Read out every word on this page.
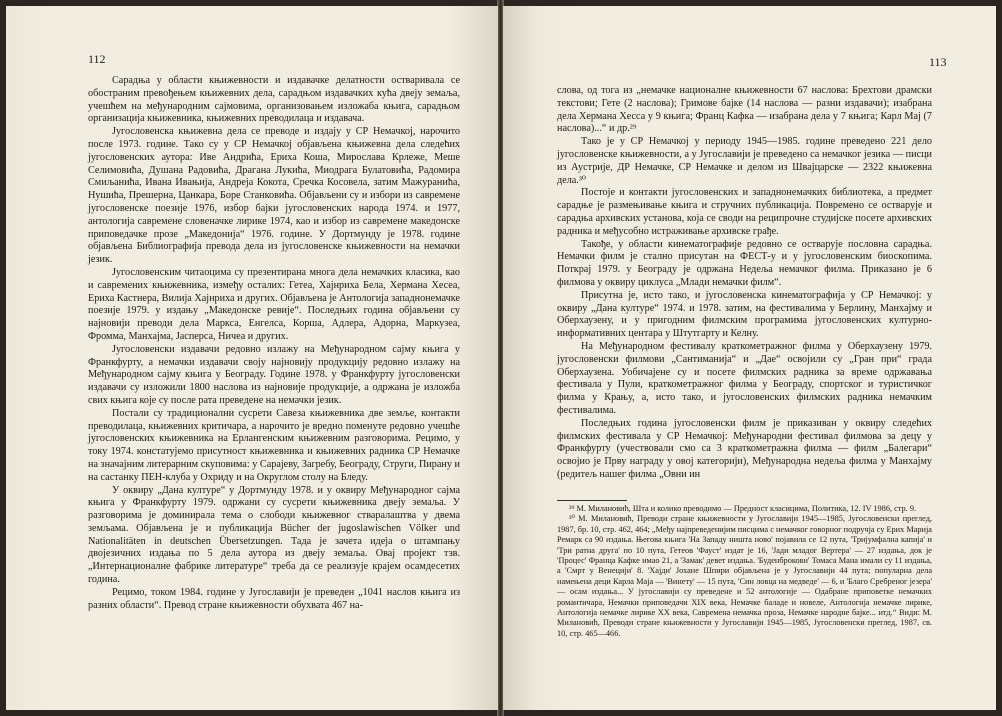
112

Сарадња у области књижевности и издавачке делатности остваривала се обостраним превођењем књижевних дела, сарадњом издавачких кућа двеју земаља, учешћем на међународним сајмовима, организовањем изложаба књига, сарадњом организација књижевника, књижевних преводилаца и издавача.

Југословенска књижевна дела се преводе и издају у СР Немачкој, нарочито после 1973. године. Тако су у СР Немачкој објављена књижевна дела следећих југословенских аутора: Иве Андрића, Ериха Коша, Мирослава Крлеже, Меше Селимовића, Душана Радовића, Драгана Лукића, Миодрага Булатовића, Радомира Смиљанића, Ивана Ивањија, Андреја Кокота, Сречка Косовела, затим Мажуранића, Нушића, Прешерна, Цанкара, Боре Станковића. Објављени су и избори из савремене југословенске поезије 1976, избор бајки југословенских народа 1974. и 1977, антологија савремене словеначке лирике 1974, као и избор из савремене македонске приповедачке прозе „Македонија“ 1976. године. У Дортмунду је 1978. године објављена Библиографија превода дела из југословенске књижевности на немачки језик.

Југословенским читаоцима су презентирана многа дела немачких класика, као и савремених књижевника, између осталих: Гетеа, Хајнриха Бела, Хермана Хесеа, Ериха Кастнера, Вилија Хајнриха и других. Објављена је Антологија западнонемачке поезије 1979. у издању „Македонске ревије“. Последњих година објављени су најновији преводи дела Маркса, Енгелса, Корша, Адлера, Адорна, Маркузеа, Фромма, Манхајма, Јасперса, Ничеа и других.

Југословенски издавачи редовно излажу на Међународном сајму књига у Франкфурту, а немачки издавачи своју најновију продукцију редовно излажу на Међународном сајму књига у Београду. Године 1978. у Франкфурту југословенски издавачи су изложили 1800 наслова из најновије продукције, а одржана је изложба свих књига које су после рата преведене на немачки језик.

Постали су традиционални сусрети Савеза књижевника две земље, контакти преводилаца, књижевних критичара, а нарочито је вредно поменуте редовно учешће југословенских књижевника на Ерлангенским књижевним разговорима. Рецимо, у току 1974. констатујемо присутност књижевника и књижевних радника СР Немачке на значајним литерарним скуповима: у Сарајеву, Загребу, Београду, Струги, Пирану и на састанку ПЕН-клуба у Охриду и на Округлом столу на Бледу.

У оквиру „Дана културе“ у Дортмунду 1978. и у оквиру Међународног сајма књига у Франкфурту 1979. одржани су сусрети књижевника двеју земаља. У разговорима је доминирала тема о слободи књижевног стваралаштва у двема земљама. Објављена је и публикација Bücher der jugoslawischen Völker und Nationalitäten in deutschen Übersetzungen. Тада је зачета идеја о штампању двојезичних издања по 5 дела аутора из двеју земаља. Овај пројект тзв. „Интернационалне фабрике литературе“ треба да се реализује крајем осамдесетих година.

Рецимо, током 1984. године у Југославији је преведен „1041 наслов књига из разних области“. Превод стране књижевности обухвата 467 на-

113

слова, од тога из „немачке националне књижевности 67 наслова: Брехтови драмски текстови; Гете (2 наслова); Гримове бајке (14 наслова — разни издавачи); изабрана дела Хермана Хесса у 9 књига; Франц Кафка — изабрана дела у 7 књига; Карл Мај (7 наслова)...“ и др.²⁹

Тако је у СР Немачкој у периоду 1945—1985. године преведено 221 дело југословенске књижевности, а у Југославији је преведено са немачког језика — писци из Аустрије, ДР Немачке, СР Немачке и делом из Швајцарске — 2322 књижевна дела.³⁰

Постоје и контакти југословенских и западнонемачких библиотека, а предмет сарадње је размењивање књига и стручних публикација. Повремено се остварује и сарадња архивских установа, која се своди на реципрочне студијске посете архивских радника и међусобно истраживање архивске грађе.

Такође, у области кинематографије редовно се остварује пословна сарадња. Немачки филм је стално присутан на ФЕСТ-у и у југословенским биоскопима. Поткрај 1979. у Београду је одржана Недеља немачког филма. Приказано је 6 филмова у оквиру циклуса „Млади немачки филм“.

Присутна је, исто тако, и југословенска кинематографија у СР Немачкој: у оквиру „Дана културе“ 1974. и 1978. затим, на фестивалима у Берлину, Манхајму и Оберхаузену, и у пригодним филмским програмима југословенских културно-информативних центара у Штутгарту и Келну.

На Међународном фестивалу краткометражног филма у Оберхаузену 1979. југословенски филмови „Сантиманија“ и „Дае“ освојили су „Гран при“ града Оберхаузена. Уобичајене су и посете филмских радника за време одржавања фестивала у Пули, краткометражног филма у Београду, спортског и туристичког филма у Крању, а, исто тако, и југословенских филмских радника немачким фестивалима.

Последњих година југословенски филм је приказиван у оквиру следећих филмских фестивала у СР Немачкој: Међународни фестивал филмова за децу у Франкфурту (учествовали смо са 3 краткометражна филма — филм „Балегари“ освојио је Прву награду у овој категорији), Међународна недеља филма у Манхајму (редитељ нашег филма „Овни ин

²⁹ М. Милановић, Шта и колико преводимо — Предност класицима, Политика, 12. IV 1986, стр. 9.

³⁰ М. Милановић, Преводи стране књижевности у Југославији 1945—1985, Југословенски преглед, 1987, бр. 10, стр. 462, 464; „Међу најпреведенијим писцима с немачког говорног подручја су Ерих Марија Ремарк са 90 издања. Његова књига 'На Западу ништа ново' појавила се 12 пута, 'Тријумфална капија' и 'Три ратна друга' по 10 пута, Гетеов 'Фауст' издат је 16, 'Јади младог Вертера' — 27 издања, док је 'Процес' Франца Кафке имао 21, а 'Замак' девет издања. 'Буденброкови' Томаса Мана имали су 11 издања, а 'Смрт у Венецији' 8. 'Хајди' Јохане Шпири објављена је у Југославији 44 пута; популарна дела намењена деци Карла Маја — 'Винету' — 15 пута, 'Син ловца на медведе' — 6, и 'Благо Сребреног језера' — осам издања... У југославији су преведене и 52 антологије — Одабране приповетке немачких романтичара, Немачки приповедачи XIX века, Немачке баладе и новеле, Антологија немачке лирике, Антологија немачке лирике XX века, Савремена немачка проза, Немачке народне бајке... итд.“ Види: М. Милановић, Преводи стране књижевности у Југославији 1945—1985, Југословенски преглед, 1987, св. 10, стр. 465—466.
